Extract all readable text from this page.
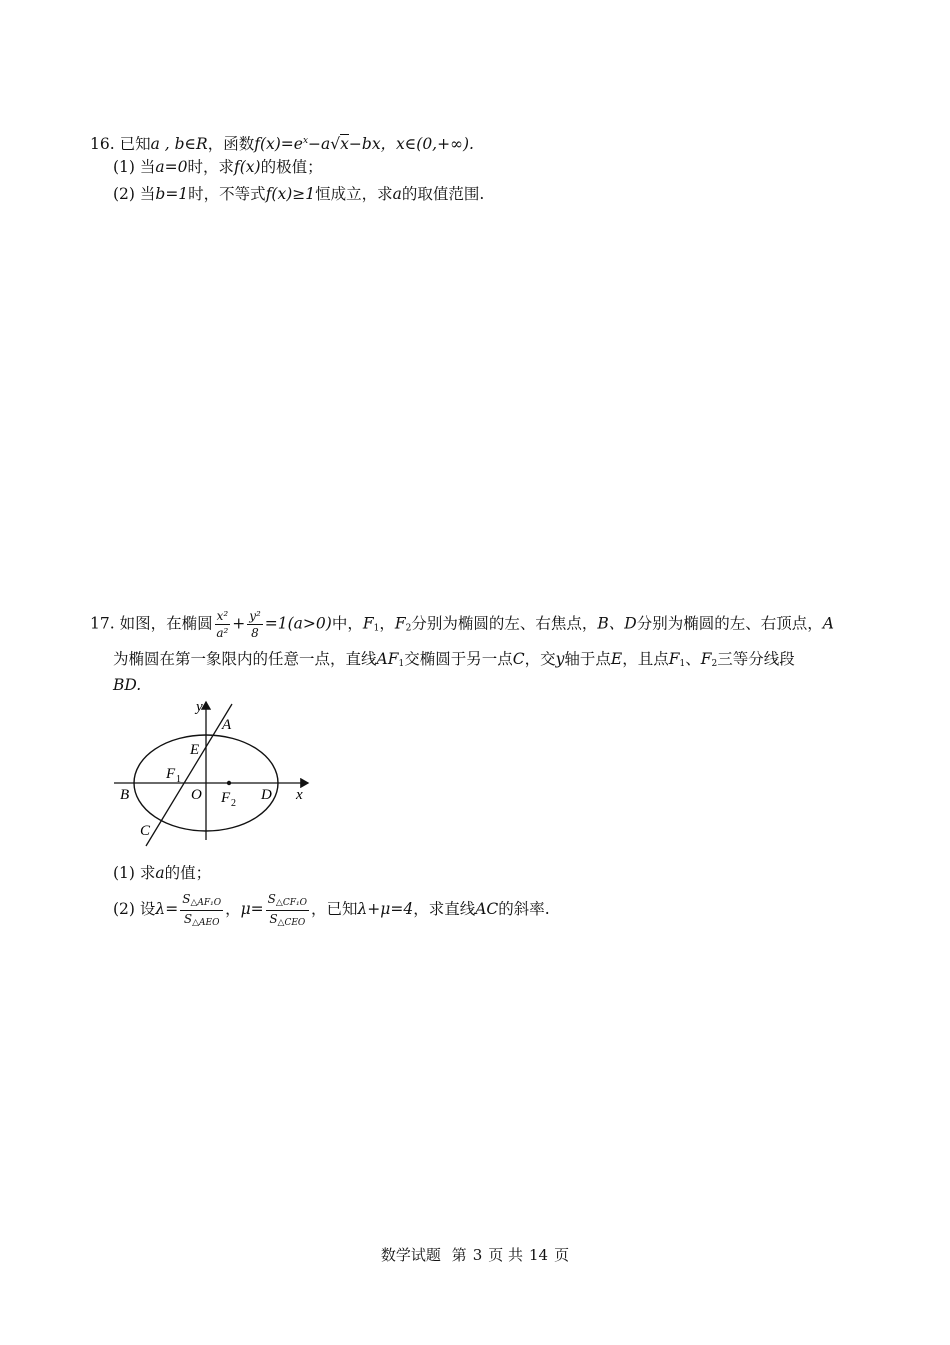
16. 已知a , b∈R，函数$f(x)=e^x-a√x-bx$，x∈(0,+∞).
(1) 当a=0时，求f(x)的极值；
(2) 当b=1时，不等式f(x)≥1恒成立，求a的取值范围.
17. 如图，在椭圆 $\frac{\text{x²}}{\text{a²}} + \frac{\text{y²}}{8} =1(a>0)$中，$F_1$，$F_2$分别为椭圆的左、右焦点，B、D分别为椭圆的左、右顶点，A
为椭圆在第一象限内的任意一点，直线$AF_1$交椭圆于另一点C，交y轴于点E，且点$F_1$、$F_2$三等分线段
BD.
y
A
E
F 1
B	O F 2
D x
C
(1) 求a的值；
(2) 设$\lambda= \frac{S_{\triangle AF_1O}}{S_{\triangle AEO}}$ ，$\mu= \frac{S_{\triangle CF_1O}}{S_{\triangle CEO}}$ ，已知λ+μ=4，求直线AC的斜率.
数学试题 第 3 页 共 14 页
